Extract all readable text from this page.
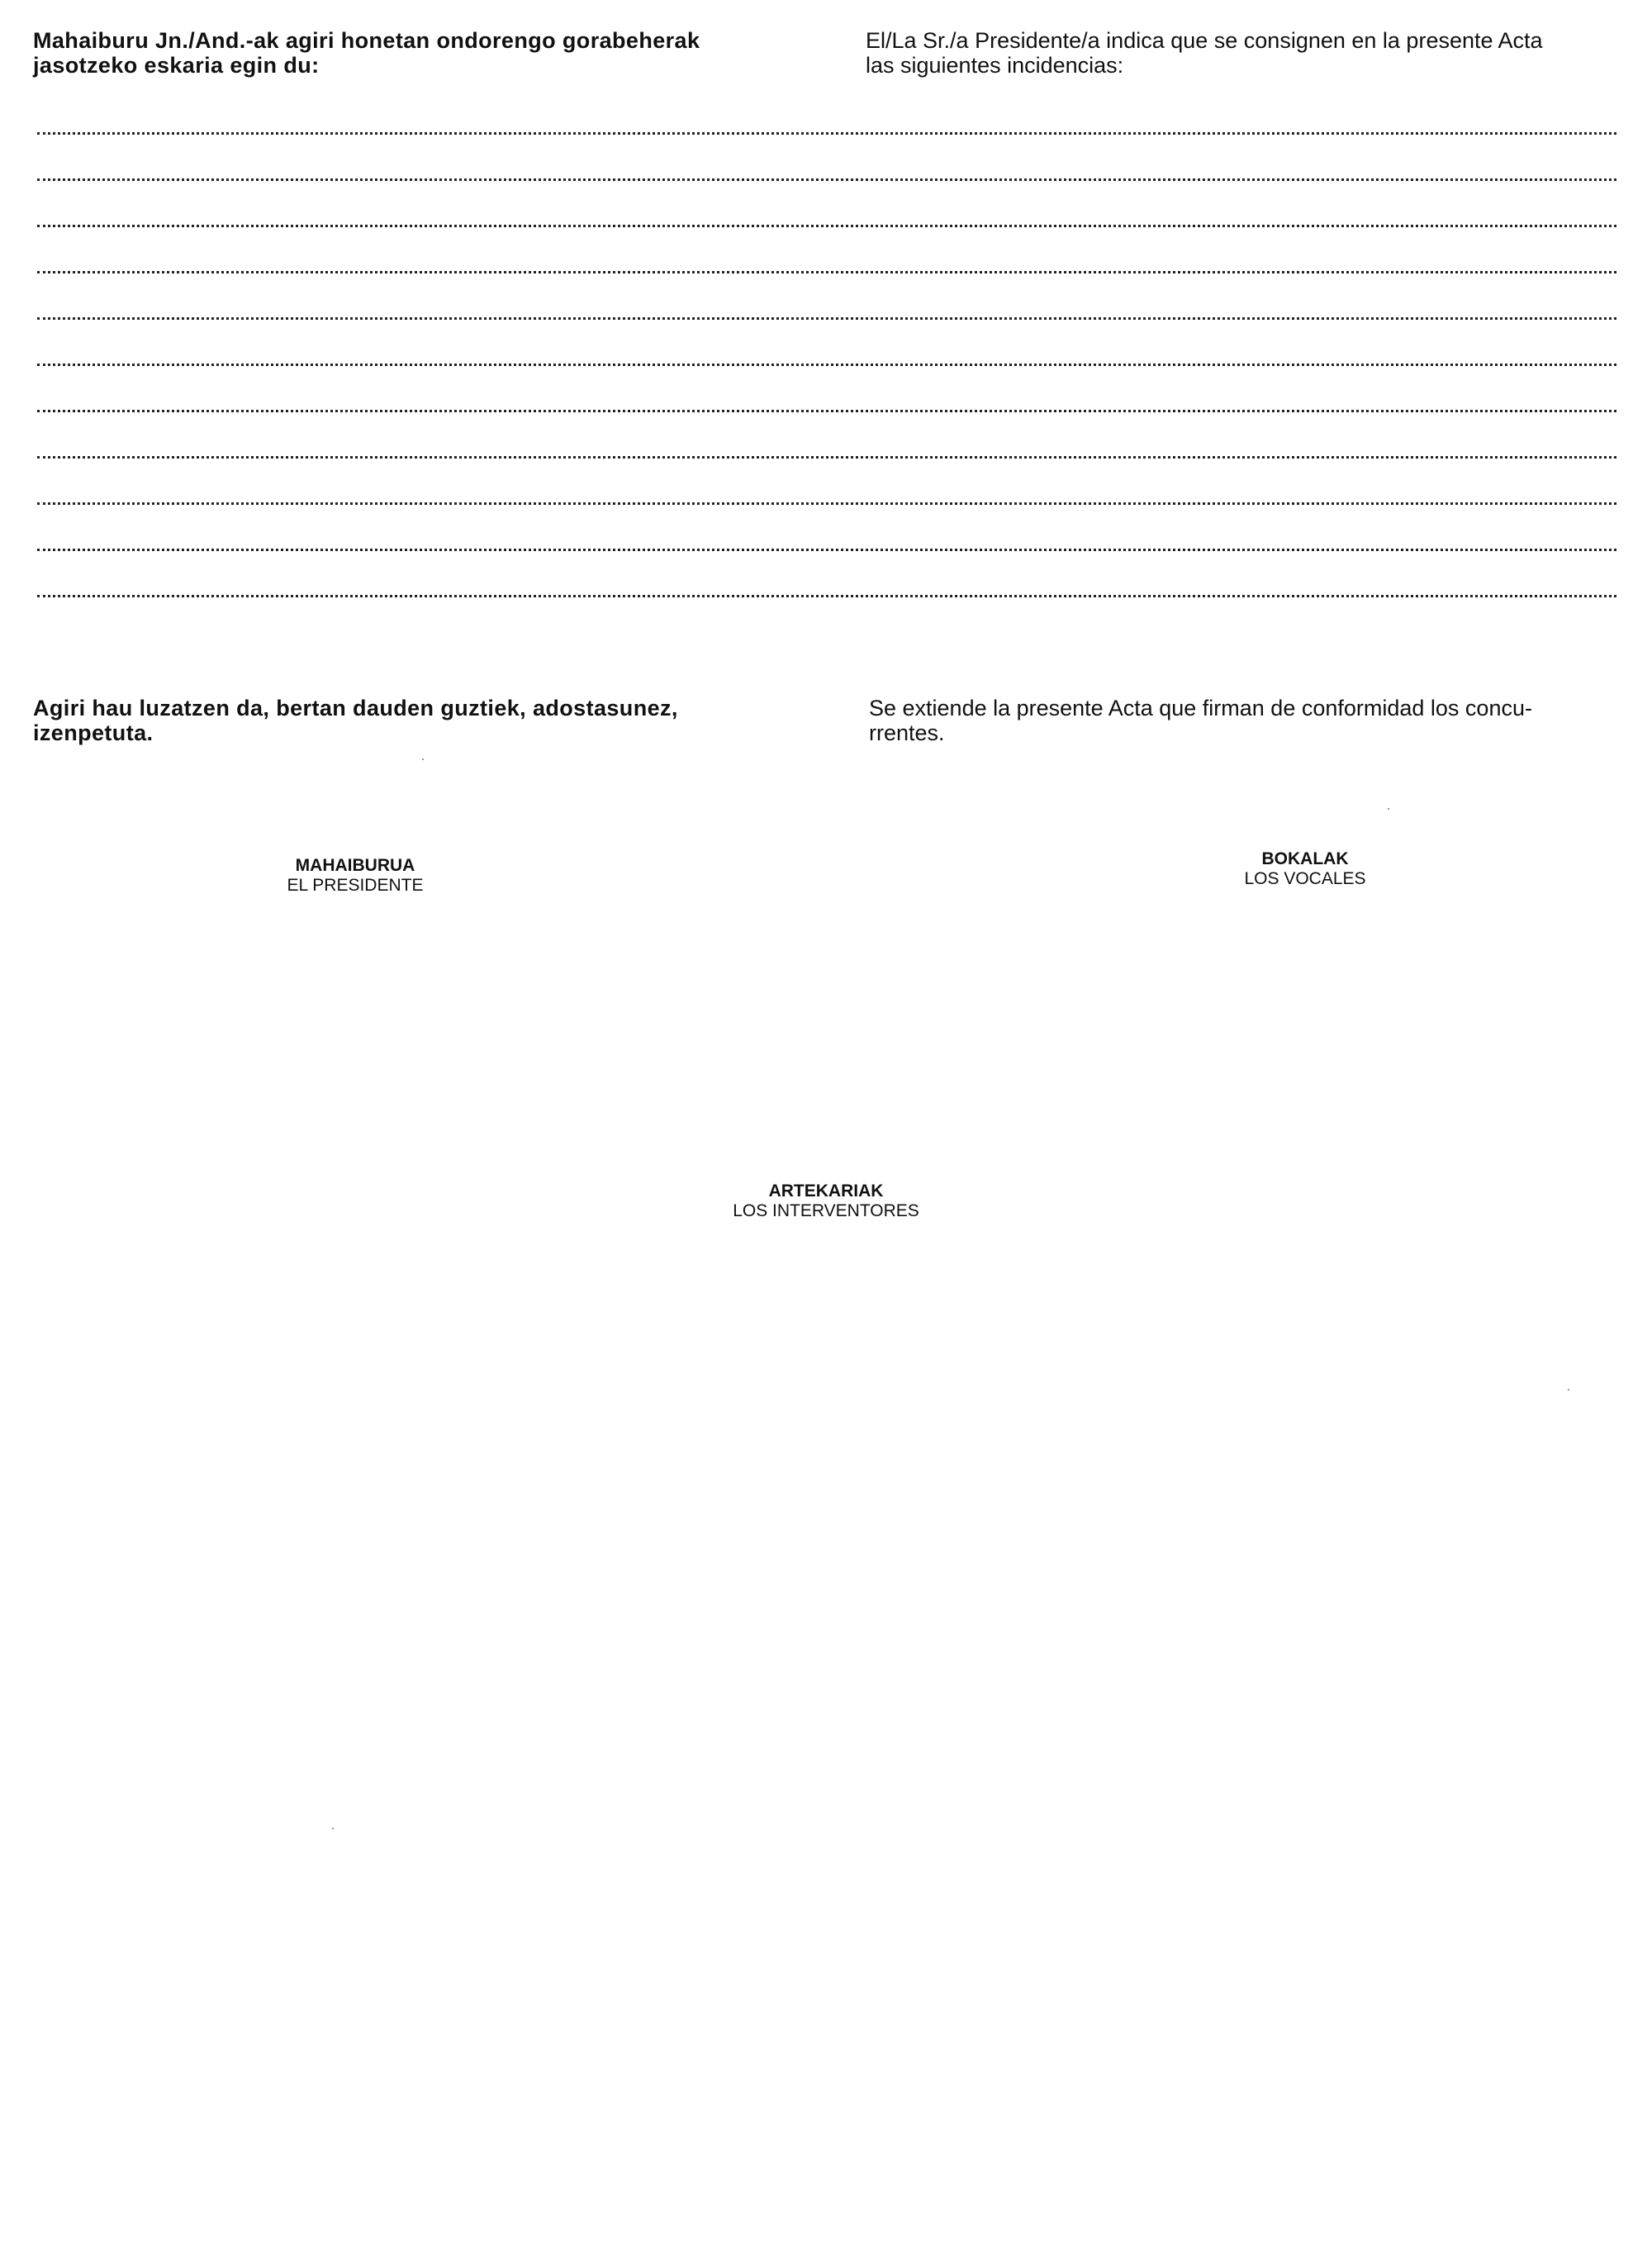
Mahaiburu Jn./And.-ak agiri honetan ondorengo gorabeherak
jasotzeko eskaria egin du:
El/La Sr./a Presidente/a indica que se consignen en la presente Acta
las siguientes incidencias:
Agiri hau luzatzen da, bertan dauden guztiek, adostasunez,
izenpetuta.
Se extiende la presente Acta que firman de conformidad los concu-
rrentes.
MAHAIBURUA
EL PRESIDENTE
BOKALAK
LOS VOCALES
ARTEKARIAK
LOS INTERVENTORES
